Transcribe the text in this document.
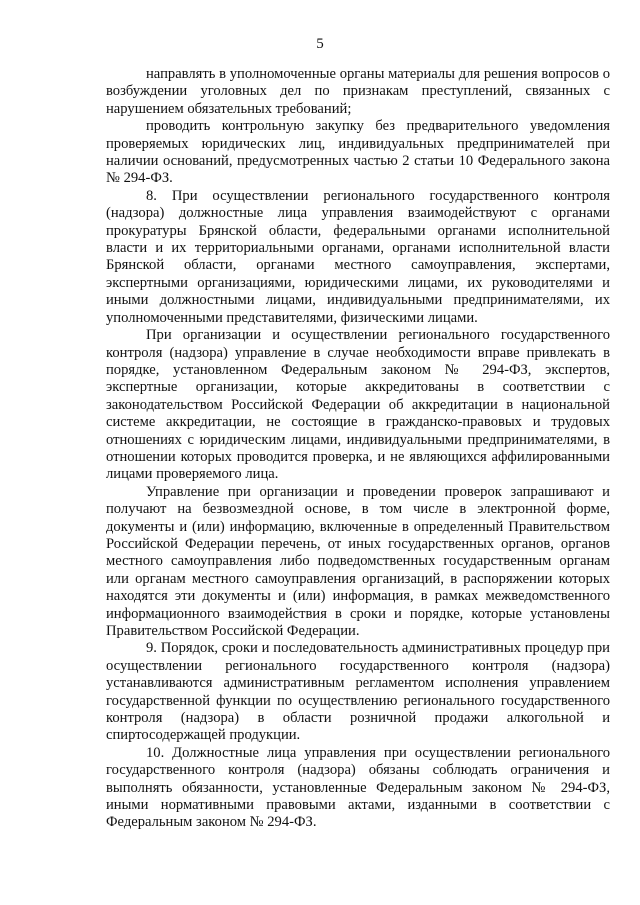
5

направлять в уполномоченные органы материалы для решения вопросов о возбуждении уголовных дел по признакам преступлений, связанных с нарушением обязательных требований;

проводить контрольную закупку без предварительного уведомления проверяемых юридических лиц, индивидуальных предпринимателей при наличии оснований, предусмотренных частью 2 статьи 10 Федерального закона № 294-ФЗ.

8. При осуществлении регионального государственного контроля (надзора) должностные лица управления взаимодействуют с органами прокуратуры Брянской области, федеральными органами исполнительной власти и их территориальными органами, органами исполнительной власти Брянской области, органами местного самоуправления, экспертами, экспертными организациями, юридическими лицами, их руководителями и иными должностными лицами, индивидуальными предпринимателями, их уполномоченными представителями, физическими лицами.

При организации и осуществлении регионального государственного контроля (надзора) управление в случае необходимости вправе привлекать в порядке, установленном Федеральным законом № 294-ФЗ, экспертов, экспертные организации, которые аккредитованы в соответствии с законодательством Российской Федерации об аккредитации в национальной системе аккредитации, не состоящие в гражданско-правовых и трудовых отношениях с юридическим лицами, индивидуальными предпринимателями, в отношении которых проводится проверка, и не являющихся аффилированными лицами проверяемого лица.

Управление при организации и проведении проверок запрашивают и получают на безвозмездной основе, в том числе в электронной форме, документы и (или) информацию, включенные в определенный Правительством Российской Федерации перечень, от иных государственных органов, органов местного самоуправления либо подведомственных государственным органам или органам местного самоуправления организаций, в распоряжении которых находятся эти документы и (или) информация, в рамках межведомственного информационного взаимодействия в сроки и порядке, которые установлены Правительством Российской Федерации.

9. Порядок, сроки и последовательность административных процедур при осуществлении регионального государственного контроля (надзора) устанавливаются административным регламентом исполнения управлением государственной функции по осуществлению регионального государственного контроля (надзора) в области розничной продажи алкогольной и спиртосодержащей продукции.

10. Должностные лица управления при осуществлении регионального государственного контроля (надзора) обязаны соблюдать ограничения и выполнять обязанности, установленные Федеральным законом № 294-ФЗ, иными нормативными правовыми актами, изданными в соответствии с Федеральным законом № 294-ФЗ.
